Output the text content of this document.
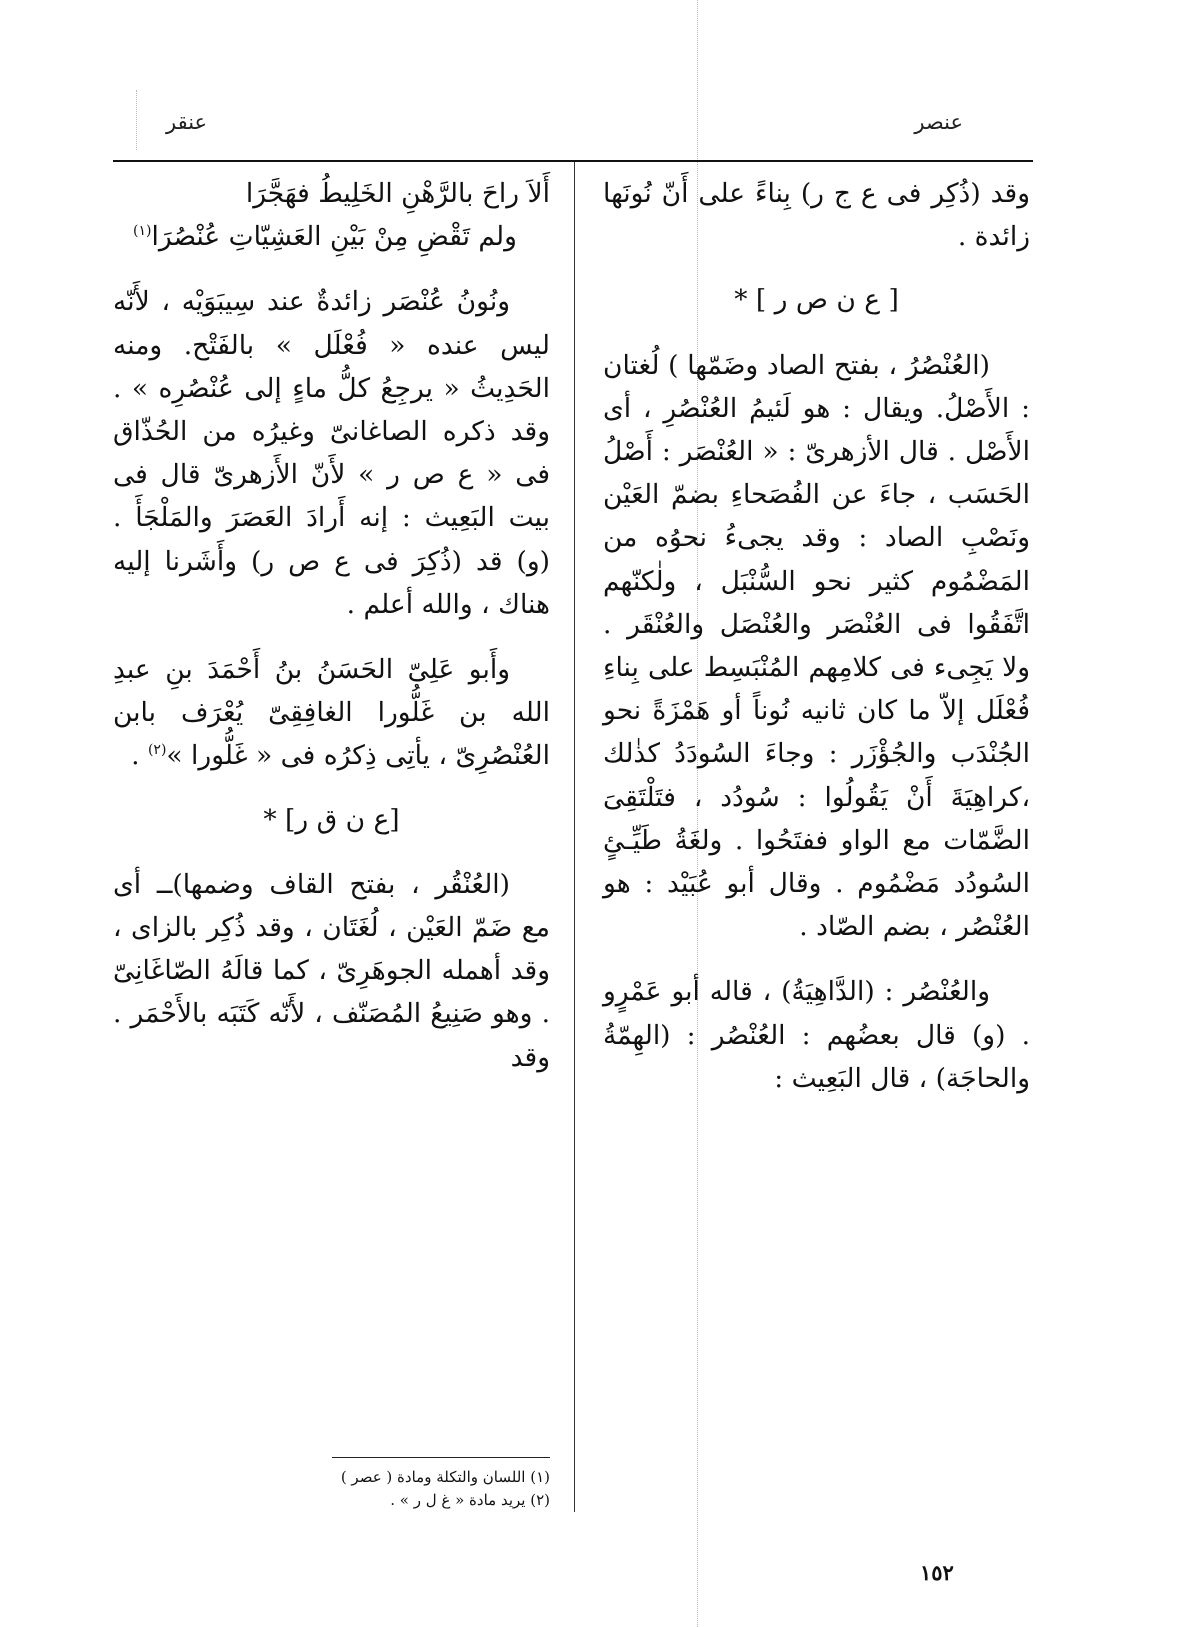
عنصر
عنقر

وقد (ذُكِر فى ع ج ر) بِناءً على أَنّ نُونَها زائدة .

[ ع ن ص ر ] *

(العُنْصُرُ ، بفتح الصاد وضَمّها ) لُغتان : الأَصْلُ. ويقال : هو لَئيمُ العُنْصُرِ ، أى الأَصْل . قال الأزهرىّ : « العُنْصَر : أَصْلُ الحَسَب ، جاءَ عن الفُصَحاءِ بضمّ العَيْن ونَصْبِ الصاد : وقد يجىءُ نحوُه من المَضْمُوم كثير نحو السُّنْبَل ، ولٰكنّهم اتَّفَقُوا فى العُنْصَر والعُنْصَل والعُنْقَر . ولا يَجِىء فى كلامِهم المُنْبَسِط على بِناءِ فُعْلَل إلاّ ما كان ثانيه نُوناً أو هَمْزَةً نحو الجُنْدَب والجُؤْزَر : وجاءَ السُودَدُ كذٰلك ،كراهِيَةَ أَنْ يَقُولُوا : سُودُد ، فتَلْتَقِىَ الضَّمّات مع الواو ففتَحُوا . ولغَةُ طَيِّـئٍ السُودُد مَضْمُوم . وقال أبو عُبَيْد : هو العُنْصُر ، بضم الصّاد .

والعُنْصُر : (الدَّاهِيَةُ) ، قاله أبو عَمْرٍو . (و) قال بعضُهم : العُنْصُر : (الهِمّةُ والحاجَة) ، قال البَعِيث :

أَلاَ راحَ بالرَّهْنِ الخَلِيطُ فهَجَّرَا
ولم تَقْضِ مِنْ بَيْنِ العَشِيّاتِ عُنْصُرَا$^{(١)}$

ونُونُ عُنْصَر زائدةٌ عند سِيبَوَيْه ، لأَنّه ليس عنده « فُعْلَل » بالفَتْح. ومنه الحَدِيثُ « يرجِعُ كلُّ ماءٍ إلى عُنْصُرِه » . وقد ذكره الصاغانىّ وغيرُه من الحُذّاق فى « ع ص ر » لأَنّ الأَزهرىّ قال فى بيت البَعِيث : إنه أَرادَ العَصَرَ والمَلْجَأَ . (و) قد (ذُكِرَ فى ع ص ر) وأَشَرنا إليه هناك ، والله أعلم .

وأَبو عَلِىّ الحَسَنُ بنُ أَحْمَدَ بنِ عبدِ الله بن غَلُّورا الغافِقِىّ يُعْرَف بابن العُنْصُرِىّ ، يأتِى ذِكرُه فى « غَلُّورا »$^{(٢)}$ .

[ع ن ق ر] *

(العُنْقُر ، بفتح القاف وضمها)ــ أى مع ضَمّ العَيْن ، لُغَتَان ، وقد ذُكِر بالزاى ، وقد أهمله الجوهَرِىّ ، كما قالَهُ الصّاغَانِىّ . وهو صَنِيعُ المُصَنّف ، لأَنّه كَتَبَه بالأَحْمَر . وقد

(١) اللسان والتكلة ومادة ( عصر )

(٢) يريد مادة « غ ل ر » .

١٥٢
